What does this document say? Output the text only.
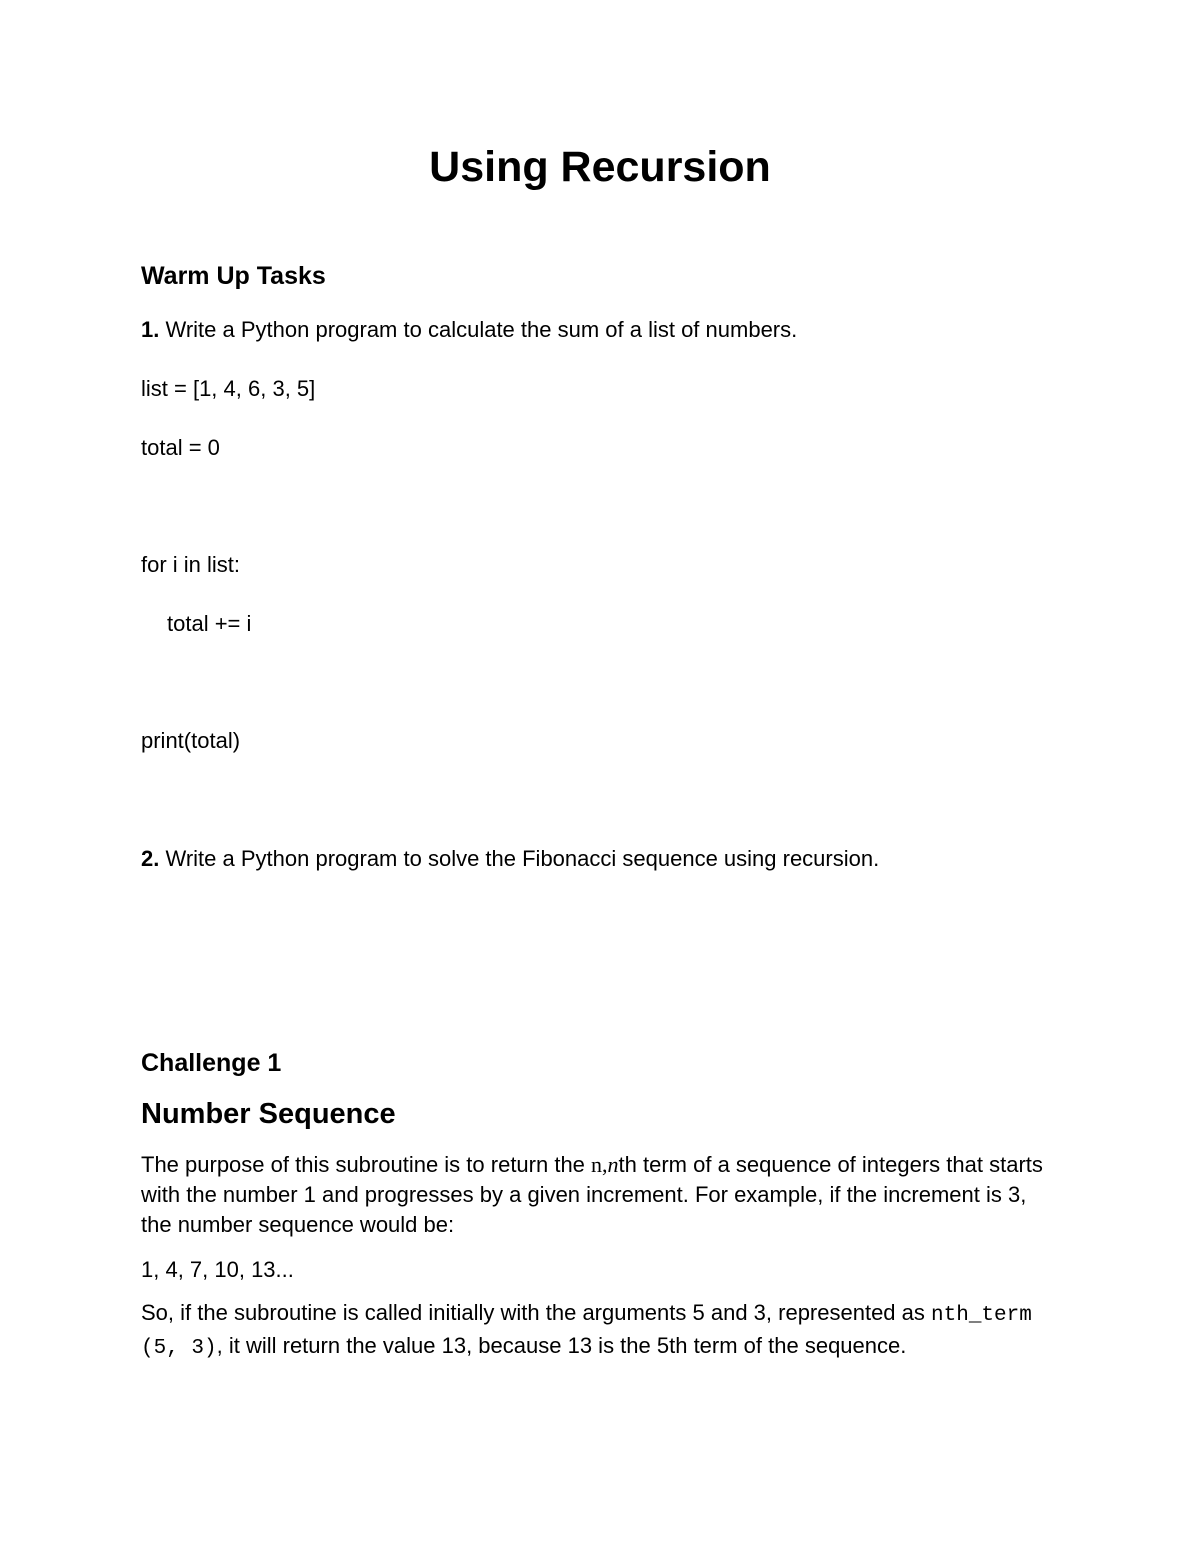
Using Recursion
Warm Up Tasks
1. Write a Python program to calculate the sum of a list of numbers.
list = [1, 4, 6, 3, 5]
total = 0
for i in list:
total += i
print(total)
2. Write a Python program to solve the Fibonacci sequence using recursion.
Challenge 1
Number Sequence
The purpose of this subroutine is to return the n,nth term of a sequence of integers that starts with the number 1 and progresses by a given increment. For example, if the increment is 3, the number sequence would be:
1, 4, 7, 10, 13...
So, if the subroutine is called initially with the arguments 5 and 3, represented as nth_term (5, 3), it will return the value 13, because 13 is the 5th term of the sequence.
